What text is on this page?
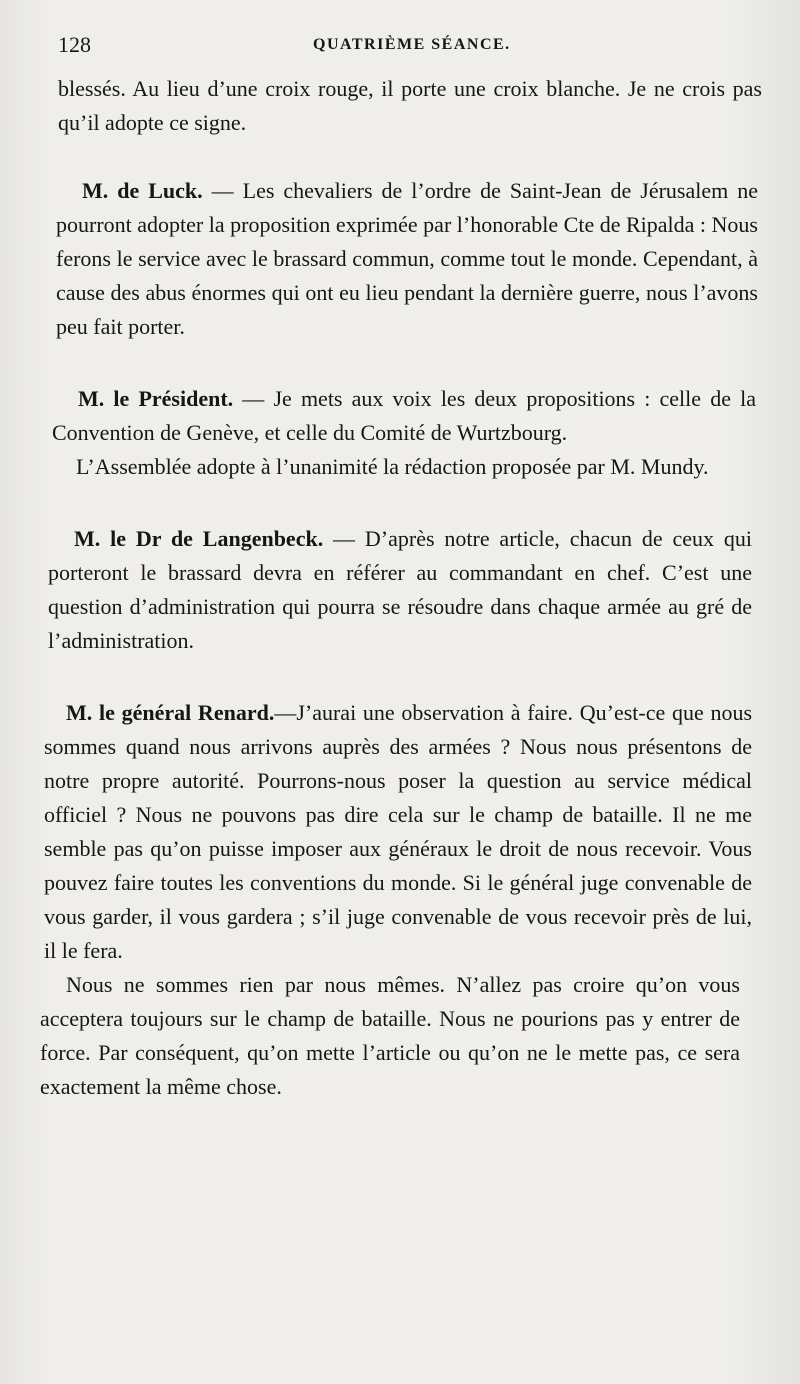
128	QUATRIÈME SÉANCE.

blessés. Au lieu d’une croix rouge, il porte une croix blanche. Je ne crois pas qu’il adopte ce signe.

M. de Luck. — Les chevaliers de l’ordre de Saint-Jean de Jérusalem ne pourront adopter la proposition exprimée par l’honorable Cte de Ripalda : Nous ferons le service avec le brassard commun, comme tout le monde. Cependant, à cause des abus énormes qui ont eu lieu pendant la dernière guerre, nous l’avons peu fait porter.

M. le Président. — Je mets aux voix les deux propositions : celle de la Convention de Genève, et celle du Comité de Wurtzbourg.

L’Assemblée adopte à l’unanimité la rédaction proposée par M. Mundy.

M. le Dr de Langenbeck. — D’après notre article, chacun de ceux qui porteront le brassard devra en référer au commandant en chef. C’est une question d’administration qui pourra se résoudre dans chaque armée au gré de l’administration.

M. le général Renard.—J’aurai une observation à faire. Qu’est-ce que nous sommes quand nous arrivons auprès des armées ? Nous nous présentons de notre propre autorité. Pourrons-nous poser la question au service médical officiel ? Nous ne pouvons pas dire cela sur le champ de bataille. Il ne me semble pas qu’on puisse imposer aux généraux le droit de nous recevoir. Vous pouvez faire toutes les conventions du monde. Si le général juge convenable de vous garder, il vous gardera ; s’il juge convenable de vous recevoir près de lui, il le fera.

Nous ne sommes rien par nous mêmes. N’allez pas croire qu’on vous acceptera toujours sur le champ de bataille. Nous ne pourions pas y entrer de force. Par conséquent, qu’on mette l’article ou qu’on ne le mette pas, ce sera exactement la même chose.
